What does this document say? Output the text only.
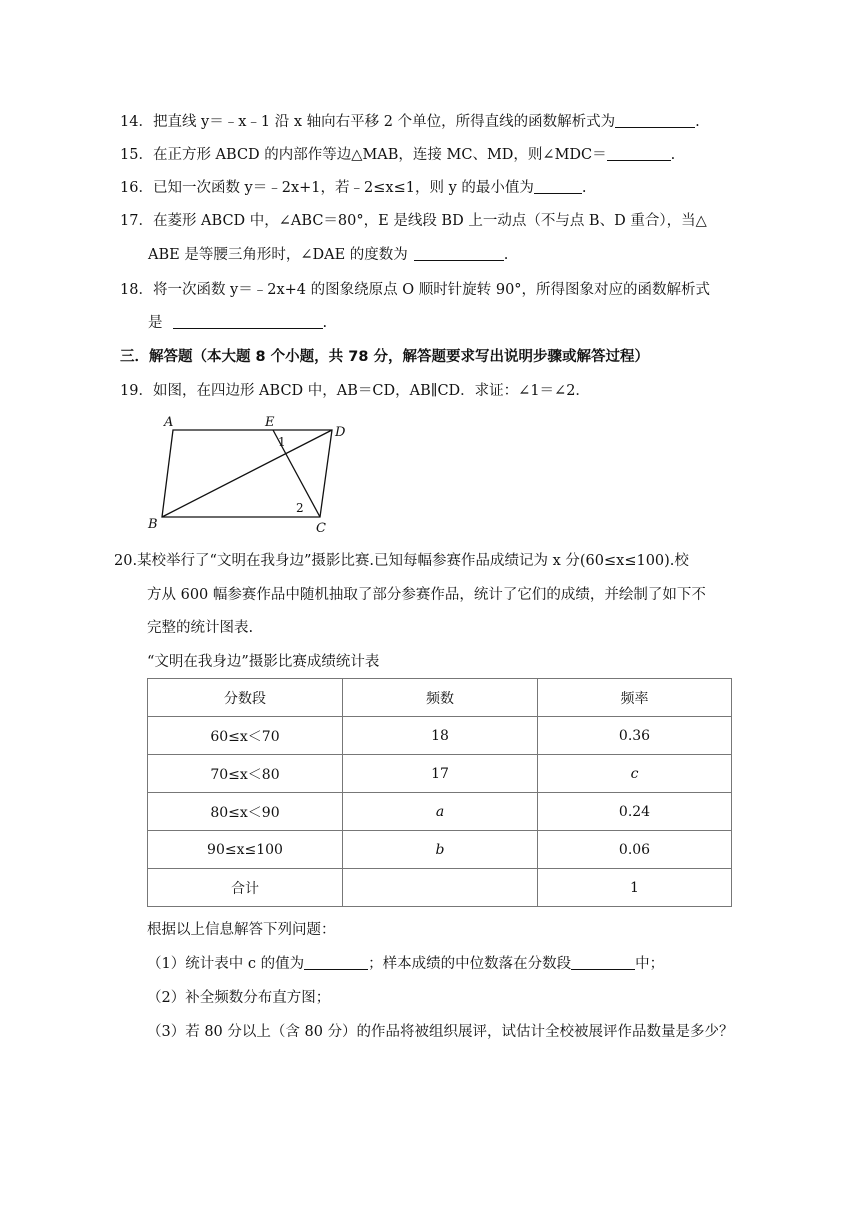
14．把直线 y＝﹣x﹣1 沿 x 轴向右平移 2 个单位，所得直线的函数解析式为	.
15．在正方形 ABCD 的内部作等边△MAB，连接 MC、MD，则∠MDC＝	.
16．已知一次函数 y＝﹣2x+1，若﹣2≤x≤1，则 y 的最小值为	.
17．在菱形 ABCD 中，∠ABC＝80°，E 是线段 BD 上一动点（不与点 B、D 重合），当△
ABE 是等腰三角形时，∠DAE 的度数为	.
18．将一次函数 y＝﹣2x+4 的图象绕原点 O 顺时针旋转 90°，所得图象对应的函数解析式
是	.
三．解答题（本大题 8 个小题，共 78 分，解答题要求写出说明步骤或解答过程）
19．如图，在四边形 ABCD 中，AB＝CD，AB∥CD．求证：∠1＝∠2．
A	E
D
B	C
1
2
20.某校举行了“文明在我身边”摄影比赛.已知每幅参赛作品成绩记为 x 分(60≤x≤100).校
方从 600 幅参赛作品中随机抽取了部分参赛作品，统计了它们的成绩，并绘制了如下不
完整的统计图表.
“文明在我身边”摄影比赛成绩统计表
分数段	频数	频率
60≤x＜70	18	0.36
70≤x＜80	17	c
80≤x＜90	a	0.24
90≤x≤100	b	0.06
合计		1
根据以上信息解答下列问题：
（1）统计表中 c 的值为	；样本成绩的中位数落在分数段	中；
（2）补全频数分布直方图；
（3）若 80 分以上（含 80 分）的作品将被组织展评，试估计全校被展评作品数量是多少？
